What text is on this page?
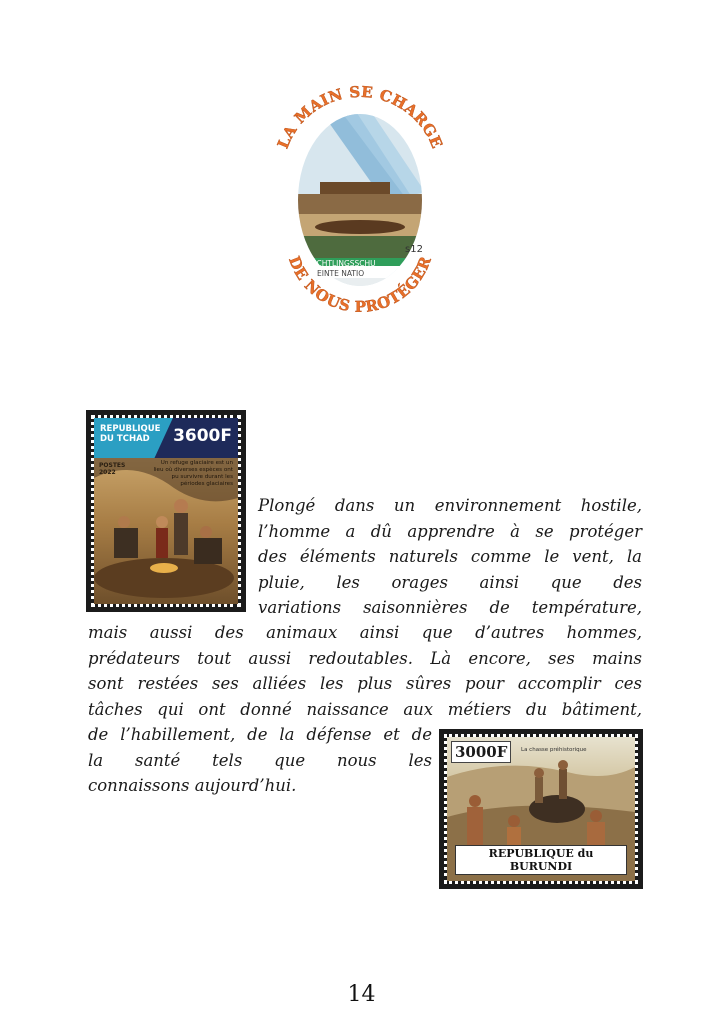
s12
ÜCHTLINGSSCHU
EINTE NATIO
LA MAIN SE CHARGE
DE NOUS PROTÉGER
REPUBLIQUE DU TCHAD	3600F
POSTES
2022
Un refuge glaciaire est un lieu où diverses espèces ont pu survivre durant les périodes glaciaires
Plongé dans un environnement hostile,
l’homme a dû apprendre à se protéger
des éléments naturels comme le vent, la
pluie, les orages ainsi que des
variations saisonnières de température,
mais aussi des animaux ainsi que d’autres hommes,
prédateurs tout aussi redoutables. Là encore, ses mains
sont restées ses alliées les plus sûres pour accomplir ces
tâches qui ont donné naissance aux métiers du bâtiment,
de l’habillement, de la défense et de
la santé tels que nous les
connaissons aujourd’hui.
3000F	La chasse préhistorique
REPUBLIQUE du BURUNDI
14
